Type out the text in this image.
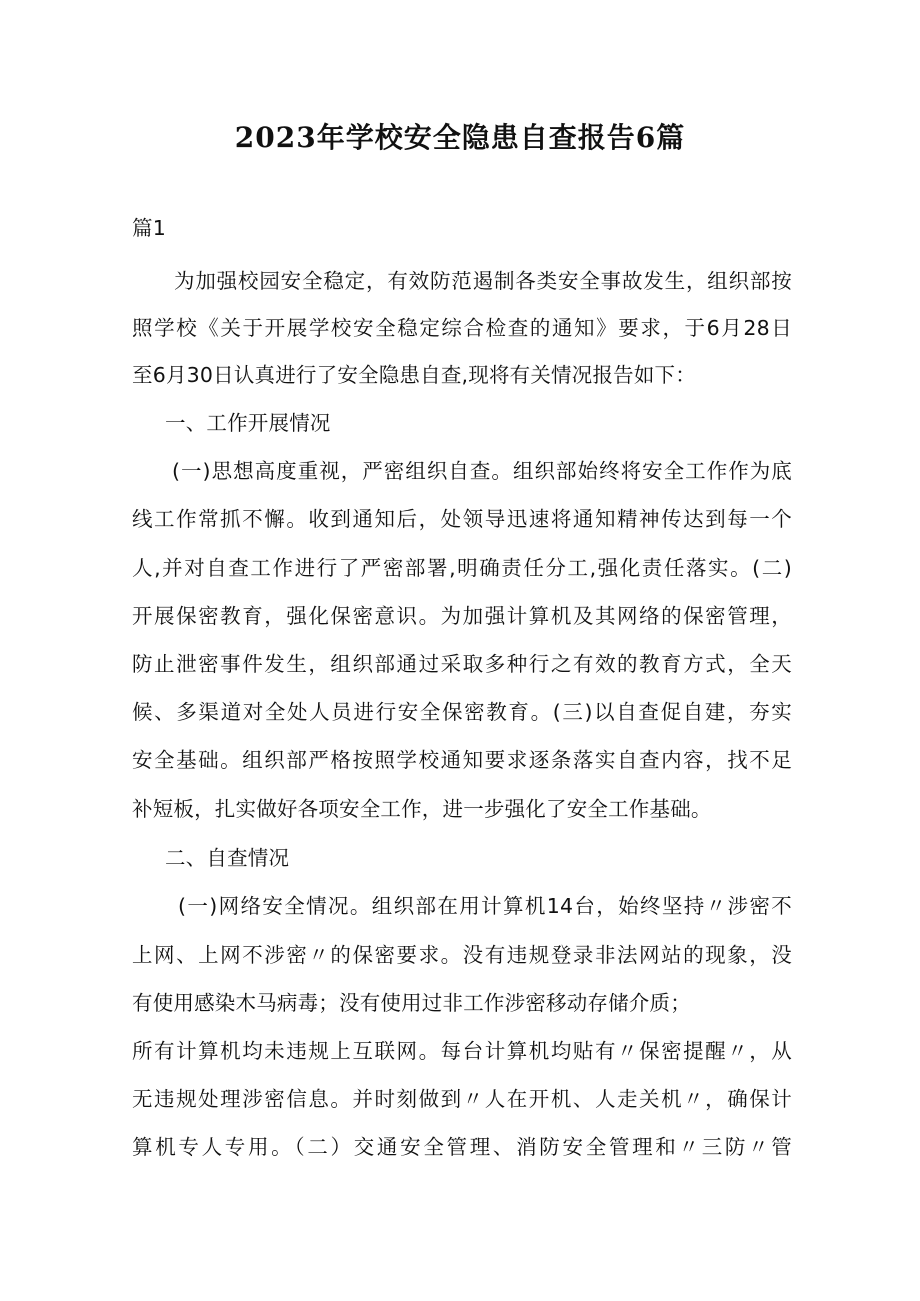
2023年学校安全隐患自查报告6篇
篇1
为加强校园安全稳定，有效防范遏制各类安全事故发生，组织部按
照学校《关于开展学校安全稳定综合检查的通知》要求，于6月28日
至6月30日认真进行了安全隐患自查,现将有关情况报告如下：
一、工作开展情况
(一)思想高度重视，严密组织自查。组织部始终将安全工作作为底
线工作常抓不懈。收到通知后，处领导迅速将通知精神传达到每一个
人,并对自查工作进行了严密部署,明确责任分工,强化责任落实。(二)
开展保密教育，强化保密意识。为加强计算机及其网络的保密管理，
防止泄密事件发生，组织部通过采取多种行之有效的教育方式，全天
候、多渠道对全处人员进行安全保密教育。(三)以自查促自建，夯实
安全基础。组织部严格按照学校通知要求逐条落实自查内容，找不足
补短板，扎实做好各项安全工作，进一步强化了安全工作基础。
二、自查情况
(一)网络安全情况。组织部在用计算机14台，始终坚持〃涉密不
上网、上网不涉密〃的保密要求。没有违规登录非法网站的现象，没
有使用感染木马病毒；没有使用过非工作涉密移动存储介质；
所有计算机均未违规上互联网。每台计算机均贴有〃保密提醒〃，从
无违规处理涉密信息。并时刻做到〃人在开机、人走关机〃，确保计
算机专人专用。（二）交通安全管理、消防安全管理和〃三防〃管
